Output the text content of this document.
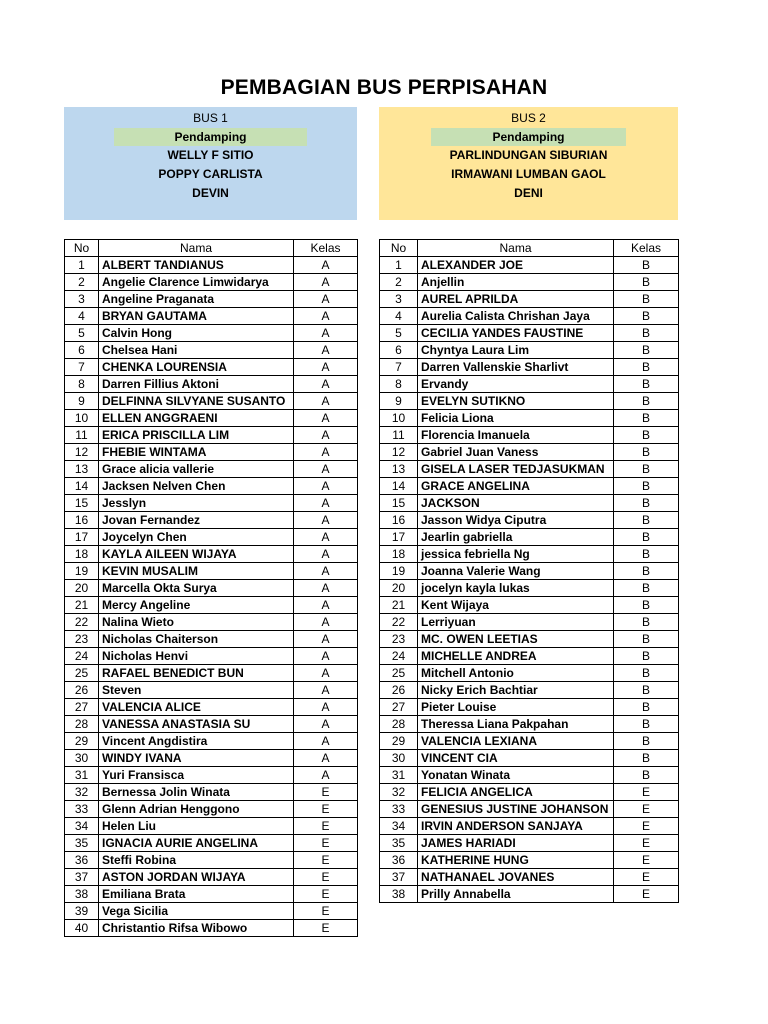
PEMBAGIAN BUS PERPISAHAN
BUS 1
Pendamping
WELLY F SITIO
POPPY CARLISTA
DEVIN
BUS 2
Pendamping
PARLINDUNGAN SIBURIAN
IRMAWANI LUMBAN GAOL
DENI
No	Nama	Kelas
1	ALBERT TANDIANUS	A
2	Angelie Clarence Limwidarya	A
3	Angeline Praganata	A
4	BRYAN GAUTAMA	A
5	Calvin Hong	A
6	Chelsea Hani	A
7	CHENKA LOURENSIA	A
8	Darren Fillius Aktoni	A
9	DELFINNA SILVYANE SUSANTO	A
10	ELLEN ANGGRAENI	A
11	ERICA PRISCILLA LIM	A
12	FHEBIE WINTAMA	A
13	Grace alicia vallerie	A
14	Jacksen Nelven Chen	A
15	Jesslyn	A
16	Jovan Fernandez	A
17	Joycelyn Chen	A
18	KAYLA AILEEN WIJAYA	A
19	KEVIN MUSALIM	A
20	Marcella Okta Surya	A
21	Mercy Angeline	A
22	Nalina Wieto	A
23	Nicholas Chaiterson	A
24	Nicholas Henvi	A
25	RAFAEL BENEDICT BUN	A
26	Steven	A
27	VALENCIA ALICE	A
28	VANESSA ANASTASIA SU	A
29	Vincent Angdistira	A
30	WINDY IVANA	A
31	Yuri Fransisca	A
32	Bernessa Jolin Winata	E
33	Glenn Adrian Henggono	E
34	Helen Liu	E
35	IGNACIA AURIE ANGELINA	E
36	Steffi Robina	E
37	ASTON JORDAN WIJAYA	E
38	Emiliana Brata	E
39	Vega Sicilia	E
40	Christantio Rifsa Wibowo	E
No	Nama	Kelas
1	ALEXANDER JOE	B
2	Anjellin	B
3	AUREL APRILDA	B
4	Aurelia Calista Chrishan Jaya	B
5	CECILIA YANDES FAUSTINE	B
6	Chyntya Laura Lim	B
7	Darren Vallenskie Sharlivt	B
8	Ervandy	B
9	EVELYN SUTIKNO	B
10	Felicia Liona	B
11	Florencia Imanuela	B
12	Gabriel Juan Vaness	B
13	GISELA LASER TEDJASUKMAN	B
14	GRACE ANGELINA	B
15	JACKSON	B
16	Jasson Widya Ciputra	B
17	Jearlin gabriella	B
18	jessica febriella Ng	B
19	Joanna Valerie Wang	B
20	jocelyn kayla lukas	B
21	Kent Wijaya	B
22	Lerriyuan	B
23	MC. OWEN LEETIAS	B
24	MICHELLE ANDREA	B
25	Mitchell Antonio	B
26	Nicky Erich Bachtiar	B
27	Pieter Louise	B
28	Theressa Liana Pakpahan	B
29	VALENCIA LEXIANA	B
30	VINCENT CIA	B
31	Yonatan Winata	B
32	FELICIA ANGELICA	E
33	GENESIUS JUSTINE JOHANSON	E
34	IRVIN ANDERSON SANJAYA	E
35	JAMES HARIADI	E
36	KATHERINE HUNG	E
37	NATHANAEL JOVANES	E
38	Prilly Annabella	E
